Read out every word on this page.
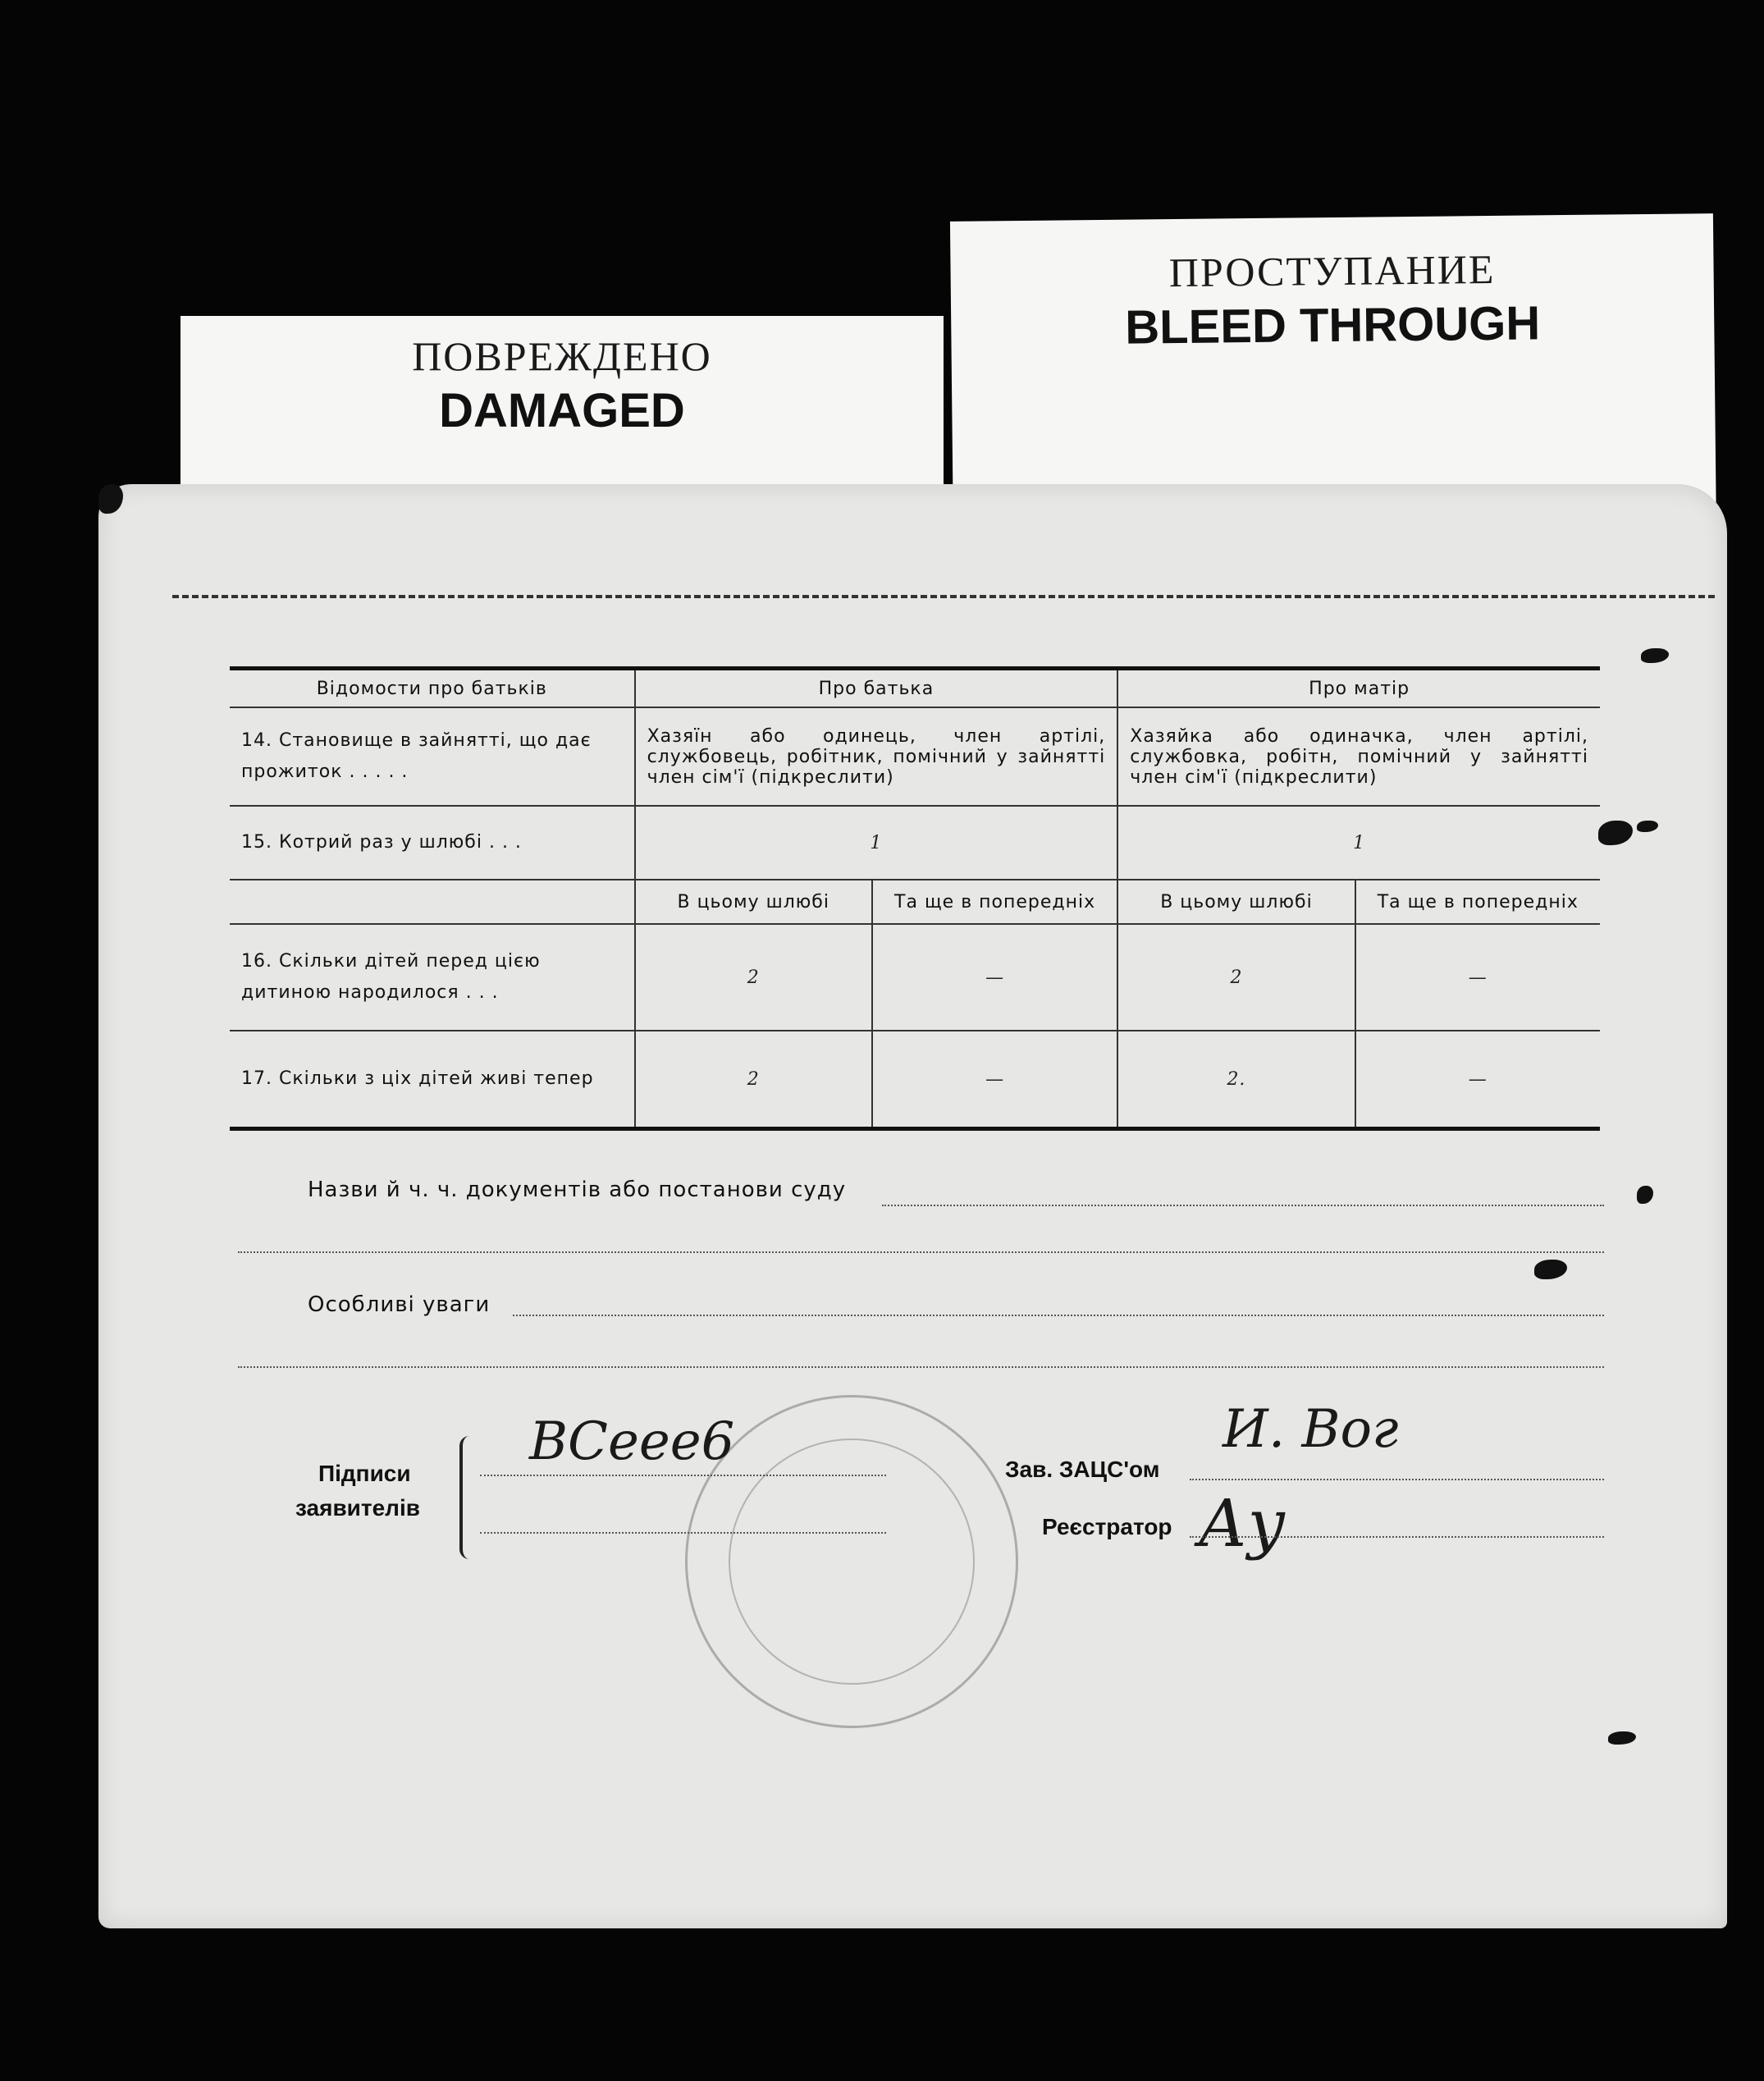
ПОВРЕЖДЕНО
DAMAGED
ПРОСТУПАНИЕ
BLEED THROUGH
Відомости про батьків	Про батька		Про матір	
14. Становище в зайнятті, що дає прожиток . . . . .	Хазяїн або одинець, член артілі, службовець, робітник, помічний у зайнятті член сім'ї (підкреслити)		Хазяйка або одиначка, член артілі, службовка, робітн, помічний у зайнятті член сім'ї (підкреслити)	
15. Котрий раз у шлюбі . . .	1		1	
	В цьому шлюбі	Та ще в попередніх	В цьому шлюбі	Та ще в попередніх
16. Скільки дітей перед цією дитиною народилося . . .	2	—	2	—
17. Скільки з ціх дітей живі тепер	2	—	2.	—
Назви й ч. ч. документів або постанови суду
Особливі уваги
Підписи
заявителів
ВСеее6	Зав. ЗАЦС'ом
И. Вог
Реєстратор Ау
